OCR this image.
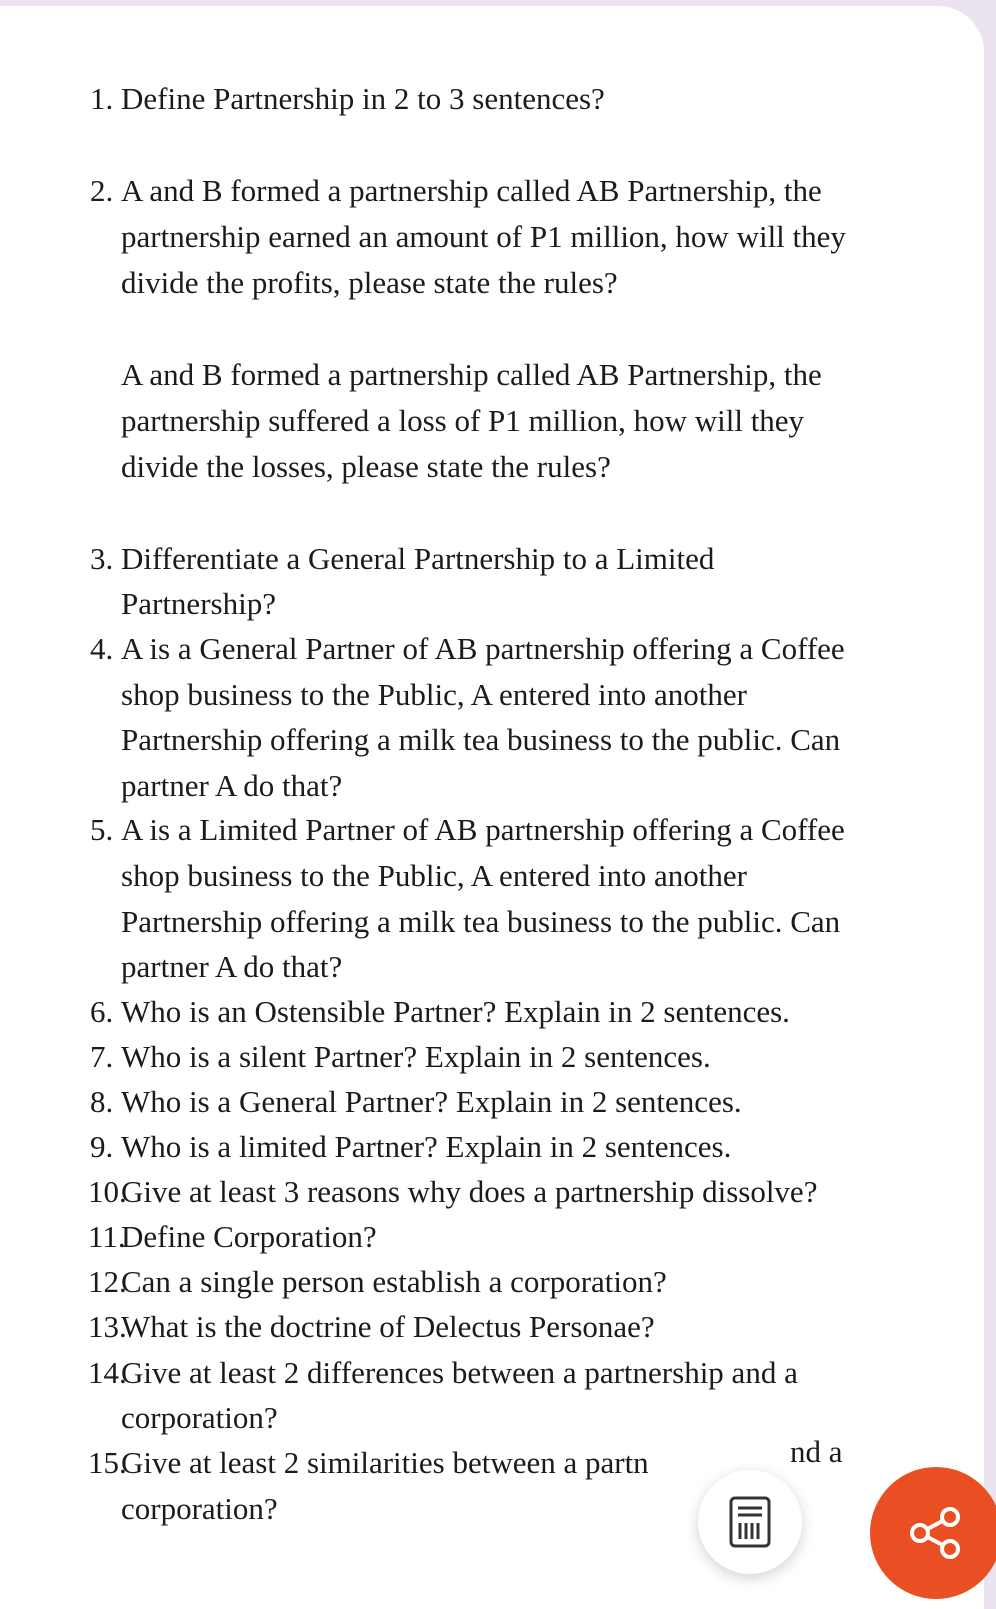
Define Partnership in 2 to 3 sentences?
1.
A and B formed a partnership called AB Partnership, the
2.
partnership earned an amount of P1 million, how will they
divide the profits, please state the rules?
A and B formed a partnership called AB Partnership, the
partnership suffered a loss of P1 million, how will they
divide the losses, please state the rules?
Differentiate a General Partnership to a Limited
3.
Partnership?
A is a General Partner of AB partnership offering a Coffee
4.
shop business to the Public, A entered into another
Partnership offering a milk tea business to the public. Can
partner A do that?
A is a Limited Partner of AB partnership offering a Coffee
5.
shop business to the Public, A entered into another
Partnership offering a milk tea business to the public. Can
partner A do that?
Who is an Ostensible Partner? Explain in 2 sentences.
6.
Who is a silent Partner? Explain in 2 sentences.
7.
Who is a General Partner? Explain in 2 sentences.
8.
Who is a limited Partner? Explain in 2 sentences.
9.
Give at least 3 reasons why does a partnership dissolve?
10.
Define Corporation?
11.
Can a single person establish a corporation?
12.
What is the doctrine of Delectus Personae?
13.
Give at least 2 differences between a partnership and a
14.
corporation?
Give at least 2 similarities between a partn
15.
corporation?
nd a
